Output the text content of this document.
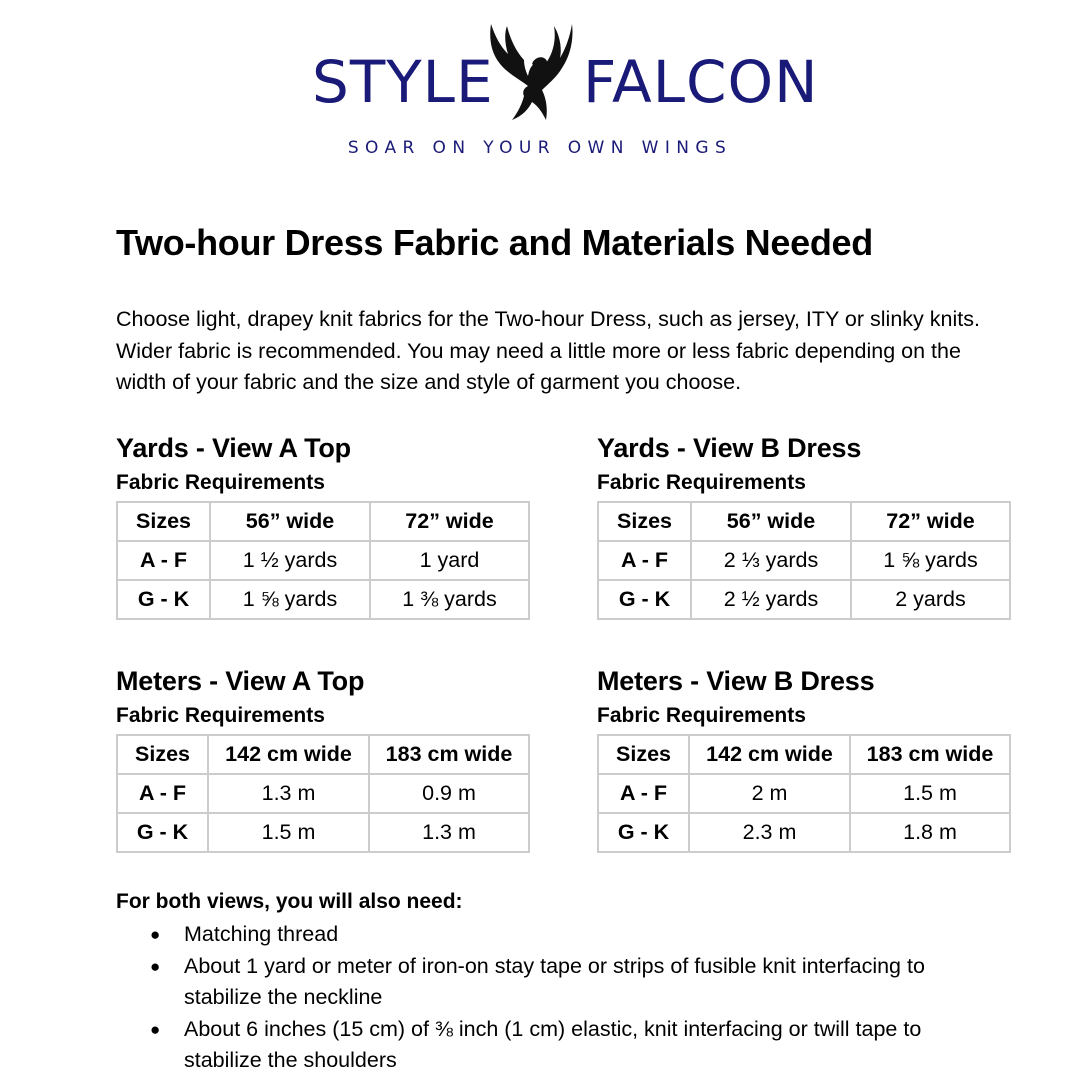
STYLE FALCON
SOAR ON YOUR OWN WINGS
Two-hour Dress Fabric and Materials Needed

Choose light, drapey knit fabrics for the Two-hour Dress, such as jersey, ITY or slinky knits. Wider fabric is recommended. You may need a little more or less fabric depending on the width of your fabric and the size and style of garment you choose.

Yards - View A Top
Fabric Requirements
Sizes	56” wide	72” wide
A - F	1 ½ yards	1 yard
G - K	1 ⅝ yards	1 ⅜ yards
Yards - View B Dress
Fabric Requirements
Sizes	56” wide	72” wide
A - F	2 ⅓ yards	1 ⅝ yards
G - K	2 ½ yards	2 yards
Meters - View A Top
Fabric Requirements
Sizes	142 cm wide	183 cm wide
A - F	1.3 m	0.9 m
G - K	1.5 m	1.3 m
Meters - View B Dress
Fabric Requirements
Sizes	142 cm wide	183 cm wide
A - F	2 m	1.5 m
G - K	2.3 m	1.8 m
For both views, you will also need:
● Matching thread
● About 1 yard or meter of iron-on stay tape or strips of fusible knit interfacing to stabilize the neckline
● About 6 inches (15 cm) of ⅜ inch (1 cm) elastic, knit interfacing or twill tape to stabilize the shoulders
